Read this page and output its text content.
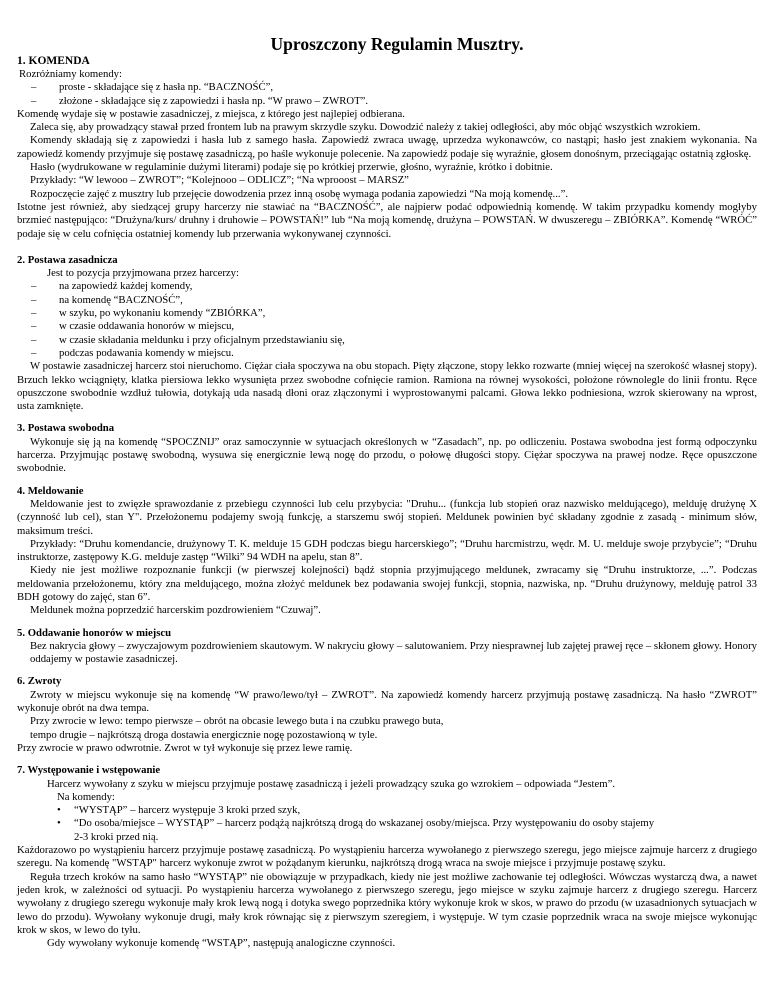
Uproszczony Regulamin Musztry.
1. KOMENDA
Rozróżniamy komendy:
– proste - składające się z hasła np. “BACZNOŚĆ”,
– złożone - składające się z zapowiedzi i hasła np. “W prawo – ZWROT”.
Komendę wydaje się w postawie zasadniczej, z miejsca, z którego jest najlepiej odbierana.
Zaleca się, aby prowadzący stawał przed frontem lub na prawym skrzydle szyku. Dowodzić należy z takiej odległości, aby móc objąć wszystkich wzrokiem.
Komendy składają się z zapowiedzi i hasła lub z samego hasła. Zapowiedź zwraca uwagę, uprzedza wykonawców, co nastąpi; hasło jest znakiem wykonania. Na zapowiedź komendy przyjmuje się postawę zasadniczą, po haśle wykonuje polecenie. Na zapowiedź podaje się wyraźnie, głosem donośnym, przeciągając ostatnią zgłoskę.
Hasło (wydrukowane w regulaminie dużymi literami) podaje się po krótkiej przerwie, głośno, wyraźnie, krótko i dobitnie.
Przykłady: “W lewooo – ZWROT”; “Kolejnooo – ODLICZ”; “Na wprooost – MARSZ”
Rozpoczęcie zajęć z musztry lub przejęcie dowodzenia przez inną osobę wymaga podania zapowiedzi “Na moją komendę...”.
Istotne jest również, aby siedzącej grupy harcerzy nie stawiać na “BACZNOŚĆ”, ale najpierw podać odpowiednią komendę. W takim przypadku komendy mogłyby brzmieć następująco: “Drużyna/kurs/ druhny i druhowie – POWSTAŃ!” lub “Na moją komendę, drużyna – POWSTAŃ. W dwuszeregu – ZBIÓRKA”. Komendę “WRÓĆ” podaje się w celu cofnięcia ostatniej komendy lub przerwania wykonywanej czynności.
2. Postawa zasadnicza
Jest to pozycja przyjmowana przez harcerzy:
– na zapowiedź każdej komendy,
– na komendę “BACZNOŚĆ”,
– w szyku, po wykonaniu komendy “ZBIÓRKA”,
– w czasie oddawania honorów w miejscu,
– w czasie składania meldunku i przy oficjalnym przedstawianiu się,
– podczas podawania komendy w miejscu.
W postawie zasadniczej harcerz stoi nieruchomo. Ciężar ciała spoczywa na obu stopach. Pięty złączone, stopy lekko rozwarte (mniej więcej na szerokość własnej stopy). Brzuch lekko wciągnięty, klatka piersiowa lekko wysunięta przez swobodne cofnięcie ramion. Ramiona na równej wysokości, położone równolegle do linii frontu. Ręce opuszczone swobodnie wzdłuż tułowia, dotykają uda nasadą dłoni oraz złączonymi i wyprostowanymi palcami. Głowa lekko podniesiona, wzrok skierowany na wprost, usta zamknięte.
3. Postawa swobodna
Wykonuje się ją na komendę “SPOCZNIJ” oraz samoczynnie w sytuacjach określonych w “Zasadach”, np. po odliczeniu. Postawa swobodna jest formą odpoczynku harcerza. Przyjmując postawę swobodną, wysuwa się energicznie lewą nogę do przodu, o połowę długości stopy. Ciężar spoczywa na prawej nodze. Ręce opuszczone swobodnie.
4. Meldowanie
Meldowanie jest to zwięzłe sprawozdanie z przebiegu czynności lub celu przybycia: "Druhu... (funkcja lub stopień oraz nazwisko meldującego), melduję drużynę X (czynność lub cel), stan Y". Przełożonemu podajemy swoją funkcję, a starszemu swój stopień. Meldunek powinien być składany zgodnie z zasadą - minimum słów, maksimum treści.
Przykłady: “Druhu komendancie, drużynowy T. K. melduje 15 GDH podczas biegu harcerskiego”; “Druhu harcmistrzu, wędr. M. U. melduje swoje przybycie”; “Druhu instruktorze, zastępowy K.G. melduje zastęp “Wilki” 94 WDH na apelu, stan 8”.
Kiedy nie jest możliwe rozpoznanie funkcji (w pierwszej kolejności) bądź stopnia przyjmującego meldunek, zwracamy się “Druhu instruktorze, ...”. Podczas meldowania przełożonemu, który zna meldującego, można złożyć meldunek bez podawania swojej funkcji, stopnia, nazwiska, np. “Druhu drużynowy, melduję patrol 33 BDH gotowy do zajęć, stan 6”.
Meldunek można poprzedzić harcerskim pozdrowieniem “Czuwaj”.
5. Oddawanie honorów w miejscu
Bez nakrycia głowy – zwyczajowym pozdrowieniem skautowym. W nakryciu głowy – salutowaniem. Przy niesprawnej lub zajętej prawej ręce – skłonem głowy. Honory oddajemy w postawie zasadniczej.
6. Zwroty
Zwroty w miejscu wykonuje się na komendę “W prawo/lewo/tył – ZWROT”. Na zapowiedź komendy harcerz przyjmują postawę zasadniczą. Na hasło “ZWROT” wykonuje obrót na dwa tempa.
Przy zwrocie w lewo: tempo pierwsze – obrót na obcasie lewego buta i na czubku prawego buta,
tempo drugie – najkrótszą droga dostawia energicznie nogę pozostawioną w tyle.
Przy zwrocie w prawo odwrotnie. Zwrot w tył wykonuje się przez lewe ramię.
7. Występowanie i wstępowanie
Harcerz wywołany z szyku w miejscu przyjmuje postawę zasadniczą i jeżeli prowadzący szuka go wzrokiem – odpowiada “Jestem”.
Na komendy:
• “WYSTĄP” – harcerz występuje 3 kroki przed szyk,
• “Do osoba/miejsce – WYSTĄP” – harcerz podążą najkrótszą drogą do wskazanej osoby/miejsca. Przy występowaniu do osoby stajemy
2-3 kroki przed nią.
Każdorazowo po wystąpieniu harcerz przyjmuje postawę zasadniczą. Po wystąpieniu harcerza wywołanego z pierwszego szeregu, jego miejsce zajmuje harcerz z drugiego szeregu. Na komendę "WSTĄP" harcerz wykonuje zwrot w pożądanym kierunku, najkrótszą drogą wraca na swoje miejsce i przyjmuje postawę szyku.
Reguła trzech kroków na samo hasło “WYSTĄP” nie obowiązuje w przypadkach, kiedy nie jest możliwe zachowanie tej odległości. Wówczas wystarczą dwa, a nawet jeden krok, w zależności od sytuacji. Po wystąpieniu harcerza wywołanego z pierwszego szeregu, jego miejsce w szyku zajmuje harcerz z drugiego szeregu. Harcerz wywołany z drugiego szeregu wykonuje mały krok lewą nogą i dotyka swego poprzednika który wykonuje krok w skos, w prawo do przodu (w uzasadnionych sytuacjach w lewo do przodu). Wywołany wykonuje drugi, mały krok równając się z pierwszym szeregiem, i występuje. W tym czasie poprzednik wraca na swoje miejsce wykonując krok w skos, w lewo do tyłu.
Gdy wywołany wykonuje komendę “WSTĄP”, następują analogiczne czynności.
